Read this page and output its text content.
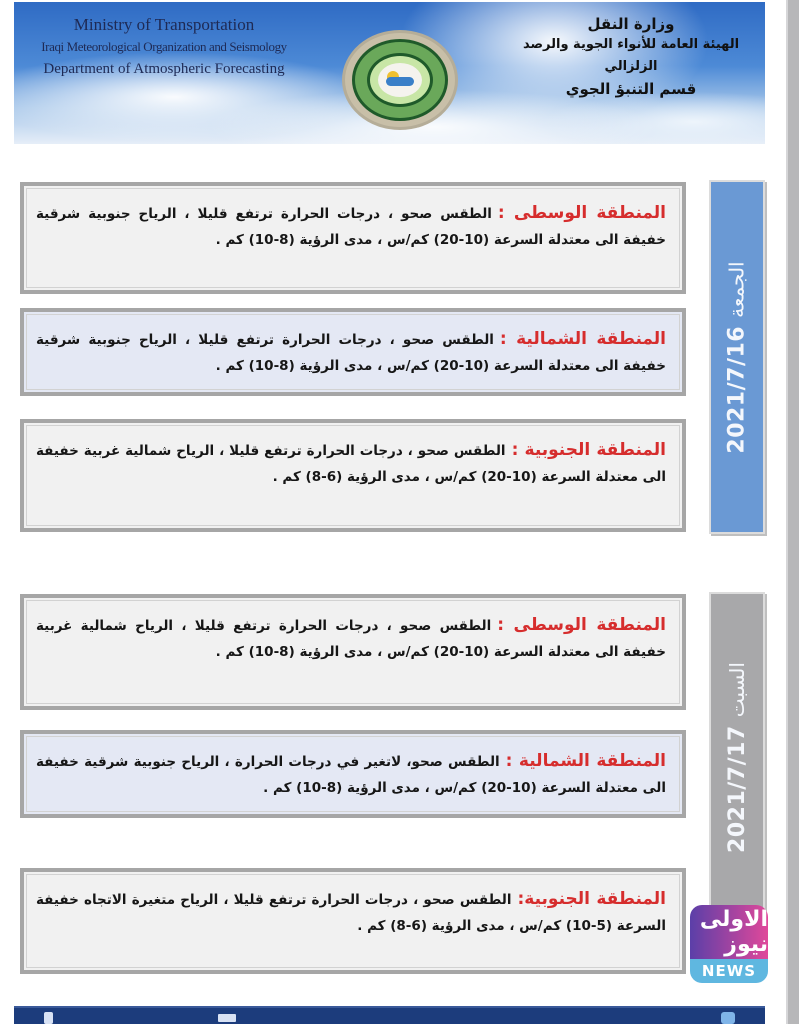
Ministry of Transportation
Iraqi Meteorological Organization and Seismology
Department of Atmospheric Forecasting
وزارة النقل
الهيئة العامة للأنواء الجوية والرصد الزلزالي
قسم التنبؤ الجوي
المنطقة الوسطى :الطقس صحو ، درجات الحرارة ترتفع قليلا ، الرياح جنوبية شرقية خفيفة الى معتدلة السرعة (10-20) كم/س ، مدى الرؤية (8-10) كم .
المنطقة الشمالية :الطقس صحو ، درجات الحرارة ترتفع قليلا ، الرياح جنوبية شرقية خفيفة الى معتدلة السرعة (10-20) كم/س ، مدى الرؤية (8-10) كم .
المنطقة الجنوبية :الطقس صحو ، درجات الحرارة ترتفع قليلا ، الرياح شمالية غربية خفيفة الى معتدلة السرعة (10-20) كم/س ، مدى الرؤية (6-8) كم .
2021/7/16
الجمعة
المنطقة الوسطى :الطقس صحو ، درجات الحرارة ترتفع قليلا ، الرياح شمالية غربية خفيفة الى معتدلة السرعة (10-20) كم/س ، مدى الرؤية (8-10) كم .
المنطقة الشمالية :الطقس صحو، لاتغير في درجات الحرارة ، الرياح جنوبية شرقية خفيفة الى معتدلة السرعة (10-20) كم/س ، مدى الرؤية (8-10) كم .
المنطقة الجنوبية:الطقس صحو ، درجات الحرارة ترتفع قليلا ، الرياح متغيرة الاتجاه خفيفة السرعة (5-10) كم/س ، مدى الرؤية (6-8) كم .
2021/7/17
السبت
الاولى نيوز
NEWS
